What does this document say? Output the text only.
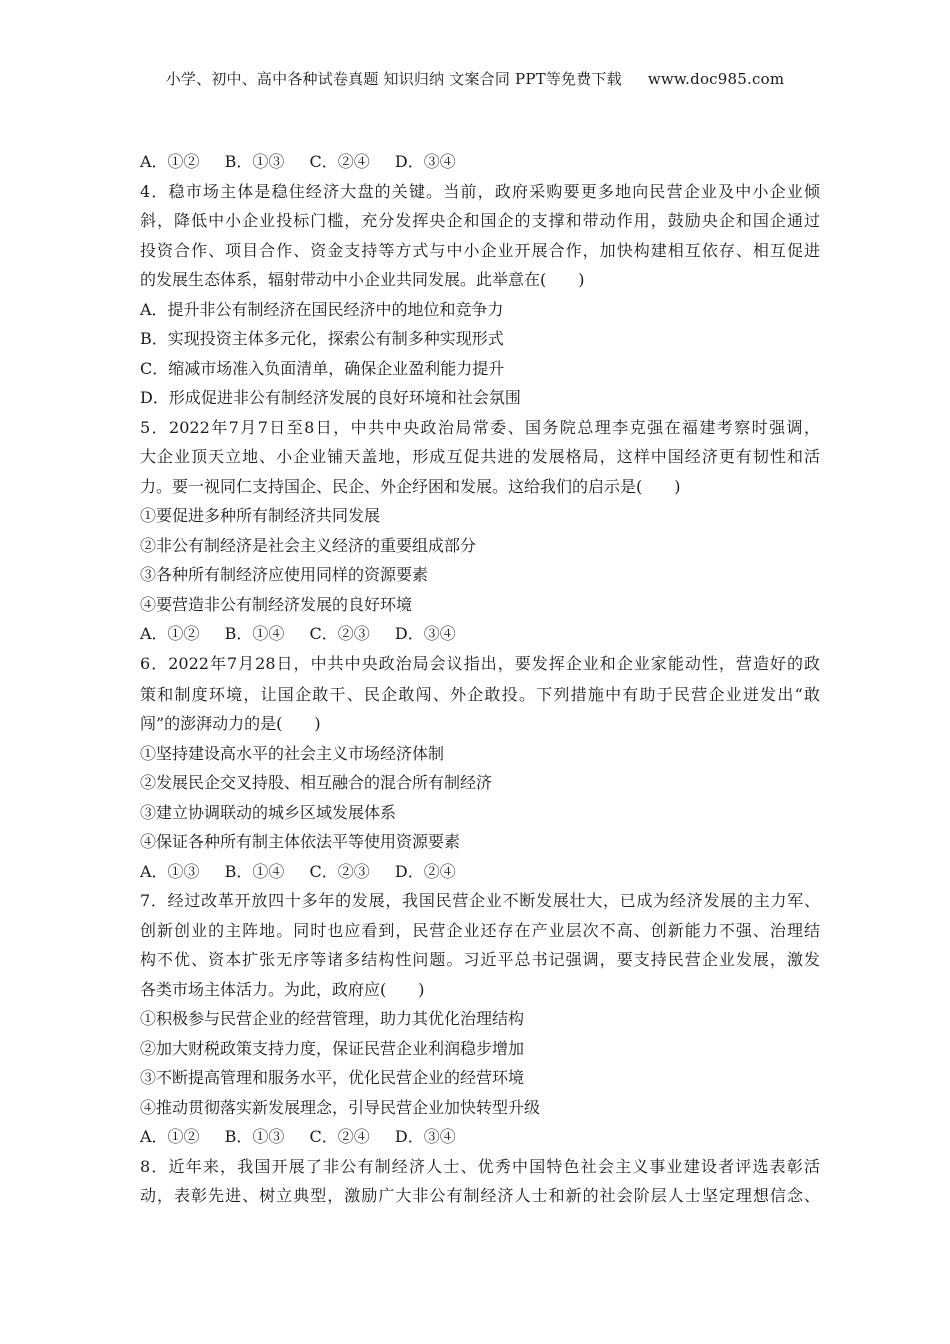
小学、初中、高中各种试卷真题 知识归纳 文案合同 PPT等免费下载 www.doc985.com
A．①② B．①③ C．②④ D．③④
4．稳市场主体是稳住经济大盘的关键。当前，政府采购要更多地向民营企业及中小企业倾
斜，降低中小企业投标门槛，充分发挥央企和国企的支撑和带动作用，鼓励央企和国企通过
投资合作、项目合作、资金支持等方式与中小企业开展合作，加快构建相互依存、相互促进
的发展生态体系，辐射带动中小企业共同发展。此举意在(　　)
A．提升非公有制经济在国民经济中的地位和竞争力
B．实现投资主体多元化，探索公有制多种实现形式
C．缩减市场准入负面清单，确保企业盈利能力提升
D．形成促进非公有制经济发展的良好环境和社会氛围
5．2022年7月7日至8日，中共中央政治局常委、国务院总理李克强在福建考察时强调，
大企业顶天立地、小企业铺天盖地，形成互促共进的发展格局，这样中国经济更有韧性和活
力。要一视同仁支持国企、民企、外企纾困和发展。这给我们的启示是(　　)
①要促进多种所有制经济共同发展
②非公有制经济是社会主义经济的重要组成部分
③各种所有制经济应使用同样的资源要素
④要营造非公有制经济发展的良好环境
A．①② B．①④ C．②③ D．③④
6．2022年7月28日，中共中央政治局会议指出，要发挥企业和企业家能动性，营造好的政
策和制度环境，让国企敢干、民企敢闯、外企敢投。下列措施中有助于民营企业迸发出“敢
闯”的澎湃动力的是(　　)
①坚持建设高水平的社会主义市场经济体制
②发展民企交叉持股、相互融合的混合所有制经济
③建立协调联动的城乡区域发展体系
④保证各种所有制主体依法平等使用资源要素
A．①③ B．①④ C．②③ D．②④
7．经过改革开放四十多年的发展，我国民营企业不断发展壮大，已成为经济发展的主力军、
创新创业的主阵地。同时也应看到，民营企业还存在产业层次不高、创新能力不强、治理结
构不优、资本扩张无序等诸多结构性问题。习近平总书记强调，要支持民营企业发展，激发
各类市场主体活力。为此，政府应(　　)
①积极参与民营企业的经营管理，助力其优化治理结构
②加大财税政策支持力度，保证民营企业利润稳步增加
③不断提高管理和服务水平，优化民营企业的经营环境
④推动贯彻落实新发展理念，引导民营企业加快转型升级
A．①② B．①③ C．②④ D．③④
8．近年来，我国开展了非公有制经济人士、优秀中国特色社会主义事业建设者评选表彰活
动，表彰先进、树立典型，激励广大非公有制经济人士和新的社会阶层人士坚定理想信念、
